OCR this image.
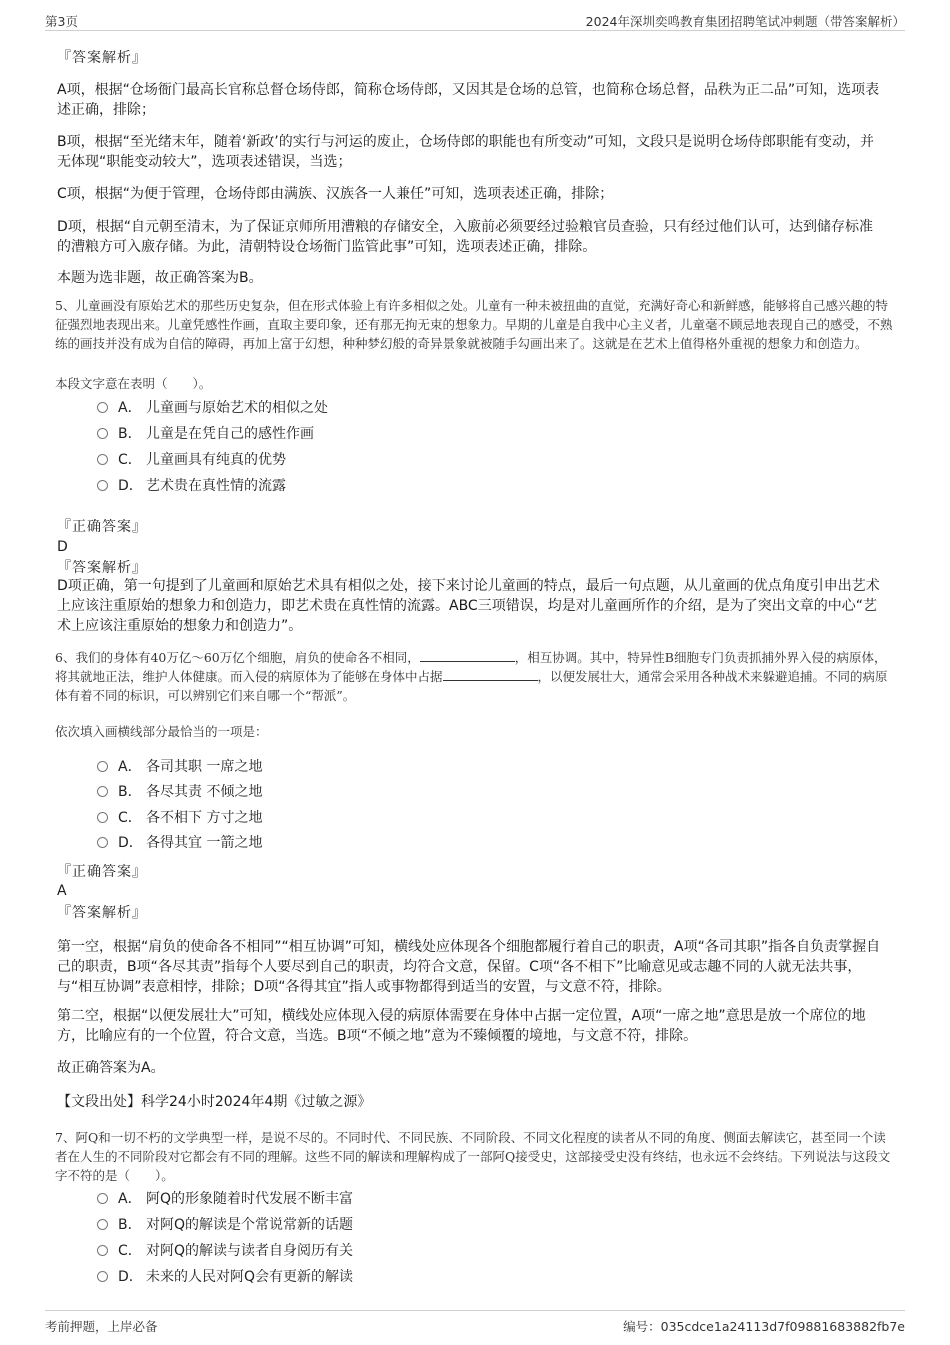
第3页	2024年深圳奕鸣教育集团招聘笔试冲刺题（带答案解析）
『答案解析』
A项，根据“仓场衙门最高长官称总督仓场侍郎，简称仓场侍郎，又因其是仓场的总管，也简称仓场总督，品秩为正二品”可知，选项表述正确，排除；
B项，根据“至光绪末年，随着‘新政’的实行与河运的废止，仓场侍郎的职能也有所变动”可知，文段只是说明仓场侍郎职能有变动，并无体现“职能变动较大”，选项表述错误，当选；
C项，根据“为便于管理，仓场侍郎由满族、汉族各一人兼任”可知，选项表述正确，排除；
D项，根据“自元朝至清末，为了保证京师所用漕粮的存储安全，入廒前必须要经过验粮官员查验，只有经过他们认可，达到储存标准的漕粮方可入廒存储。为此，清朝特设仓场衙门监管此事”可知，选项表述正确，排除。
本题为选非题，故正确答案为B。
5、儿童画没有原始艺术的那些历史复杂，但在形式体验上有许多相似之处。儿童有一种未被扭曲的直觉，充满好奇心和新鲜感，能够将自己感兴趣的特征强烈地表现出来。儿童凭感性作画，直取主要印象，还有那无拘无束的想象力。早期的儿童是自我中心主义者，儿童毫不顾忌地表现自己的感受，不熟练的画技并没有成为自信的障碍，再加上富于幻想，种种梦幻般的奇异景象就被随手勾画出来了。这就是在艺术上值得格外重视的想象力和创造力。
本段文字意在表明（　　）。
A． 儿童画与原始艺术的相似之处
B． 儿童是在凭自己的感性作画
C． 儿童画具有纯真的优势
D． 艺术贵在真性情的流露
『正确答案』
D
『答案解析』
D项正确，第一句提到了儿童画和原始艺术具有相似之处，接下来讨论儿童画的特点，最后一句点题，从儿童画的优点角度引申出艺术上应该注重原始的想象力和创造力，即艺术贵在真性情的流露。ABC三项错误，均是对儿童画所作的介绍，是为了突出文章的中心“艺术上应该注重原始的想象力和创造力”。
6、我们的身体有40万亿～60万亿个细胞，肩负的使命各不相同，	，相互协调。其中，特异性B细胞专门负责抓捕外界入侵的病原体，将其就地正法，维护人体健康。而入侵的病原体为了能够在身体中占据	，以便发展壮大，通常会采用各种战术来躲避追捕。不同的病原体有着不同的标识，可以辨别它们来自哪一个“帮派”。
依次填入画横线部分最恰当的一项是：
A． 各司其职 一席之地
B． 各尽其责 不倾之地
C． 各不相下 方寸之地
D． 各得其宜 一箭之地
『正确答案』
A
『答案解析』
第一空，根据“肩负的使命各不相同”“相互协调”可知，横线处应体现各个细胞都履行着自己的职责，A项“各司其职”指各自负责掌握自己的职责，B项“各尽其责”指每个人要尽到自己的职责，均符合文意，保留。C项“各不相下”比喻意见或志趣不同的人就无法共事，与“相互协调”表意相悖，排除；D项“各得其宜”指人或事物都得到适当的安置，与文意不符，排除。
第二空，根据“以便发展壮大”可知，横线处应体现入侵的病原体需要在身体中占据一定位置，A项“一席之地”意思是放一个席位的地方，比喻应有的一个位置，符合文意，当选。B项“不倾之地”意为不臻倾覆的境地，与文意不符，排除。
故正确答案为A。
【文段出处】科学24小时2024年4期《过敏之源》
7、阿Q和一切不朽的文学典型一样，是说不尽的。不同时代、不同民族、不同阶段、不同文化程度的读者从不同的角度、侧面去解读它，甚至同一个读者在人生的不同阶段对它都会有不同的理解。这些不同的解读和理解构成了一部阿Q接受史，这部接受史没有终结，也永远不会终结。下列说法与这段文字不符的是（　　）。
A． 阿Q的形象随着时代发展不断丰富
B． 对阿Q的解读是个常说常新的话题
C． 对阿Q的解读与读者自身阅历有关
D． 未来的人民对阿Q会有更新的解读
考前押题，上岸必备	编号：035cdce1a24113d7f09881683882fb7e
